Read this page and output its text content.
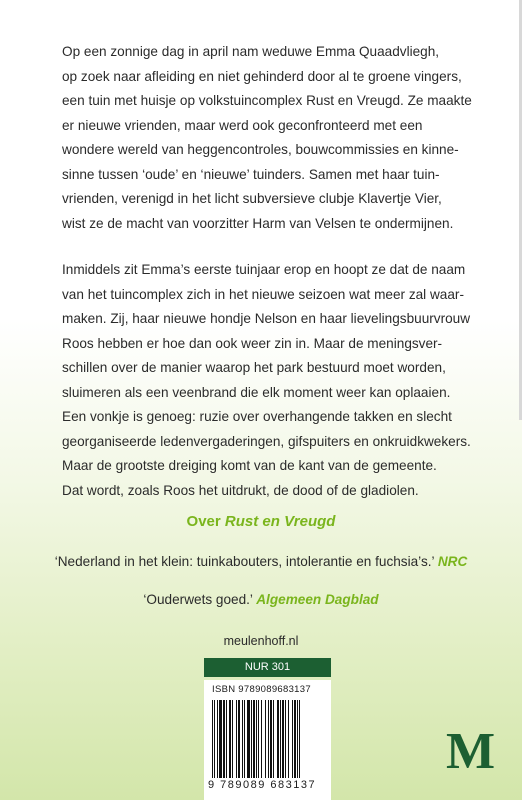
Op een zonnige dag in april nam weduwe Emma Quaadvliegh,
op zoek naar afleiding en niet gehinderd door al te groene vingers,
een tuin met huisje op volkstuincomplex Rust en Vreugd. Ze maakte
er nieuwe vrienden, maar werd ook geconfronteerd met een
wondere wereld van heggencontroles, bouwcommissies en kinne-
sinne tussen ‘oude’ en ‘nieuwe’ tuinders. Samen met haar tuin-
vrienden, verenigd in het licht subversieve clubje Klavertje Vier,
wist ze de macht van voorzitter Harm van Velsen te ondermijnen.

Inmiddels zit Emma’s eerste tuinjaar erop en hoopt ze dat de naam
van het tuincomplex zich in het nieuwe seizoen wat meer zal waar-
maken. Zij, haar nieuwe hondje Nelson en haar lievelingsbuurvrouw
Roos hebben er hoe dan ook weer zin in. Maar de meningsver-
schillen over de manier waarop het park bestuurd moet worden,
sluimeren als een veenbrand die elk moment weer kan oplaaien.
Een vonkje is genoeg: ruzie over overhangende takken en slecht
georganiseerde ledenvergaderingen, gifspuiters en onkruidkwekers.
Maar de grootste dreiging komt van de kant van de gemeente.
Dat wordt, zoals Roos het uitdrukt, de dood of de gladiolen.

Over Rust en Vreugd
‘Nederland in het klein: tuinkabouters, intolerantie en fuchsia’s.’ NRC
‘Ouderwets goed.’ Algemeen Dagblad
meulenhoff.nl
NUR 301
ISBN 9789089683137
9 789089 683137
M
